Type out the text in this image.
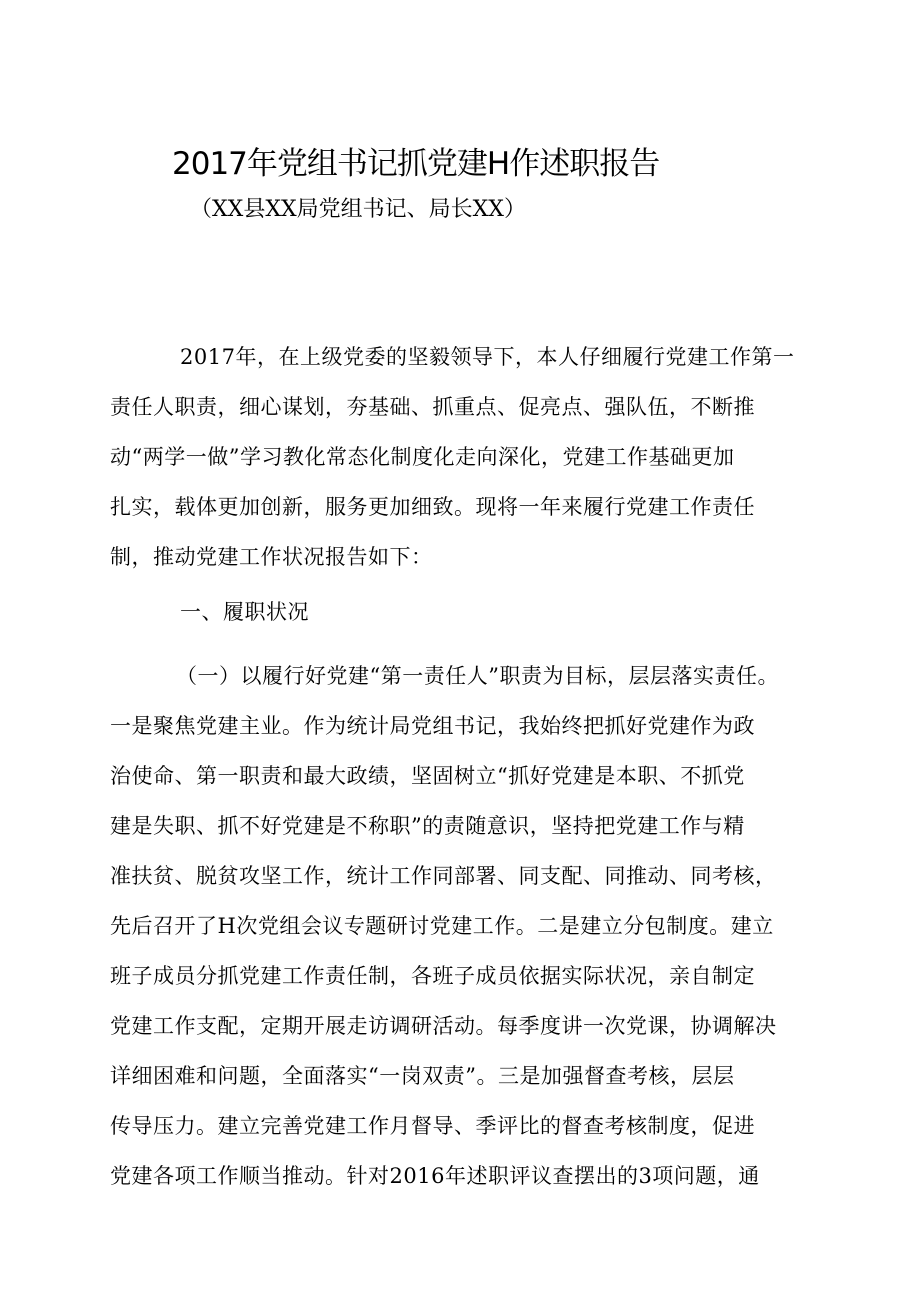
2017年党组书记抓党建H作述职报告
（XX县XX局党组书记、局长XX）
2017年，在上级党委的坚毅领导下，本人仔细履行党建工作第一
责任人职责，细心谋划，夯基础、抓重点、促亮点、强队伍，不断推
动“两学一做”学习教化常态化制度化走向深化，党建工作基础更加
扎实，载体更加创新，服务更加细致。现将一年来履行党建工作责任
制，推动党建工作状况报告如下：
一、履职状况
（一）以履行好党建“第一责任人”职责为目标，层层落实责任。
一是聚焦党建主业。作为统计局党组书记，我始终把抓好党建作为政
治使命、第一职责和最大政绩，坚固树立“抓好党建是本职、不抓党
建是失职、抓不好党建是不称职”的责随意识，坚持把党建工作与精
准扶贫、脱贫攻坚工作，统计工作同部署、同支配、同推动、同考核，
先后召开了H次党组会议专题研讨党建工作。二是建立分包制度。建立
班子成员分抓党建工作责任制，各班子成员依据实际状况，亲自制定
党建工作支配，定期开展走访调研活动。每季度讲一次党课，协调解决
详细困难和问题，全面落实“一岗双责”。三是加强督查考核，层层
传导压力。建立完善党建工作月督导、季评比的督查考核制度，促进
党建各项工作顺当推动。针对2016年述职评议查摆出的3项问题，通
